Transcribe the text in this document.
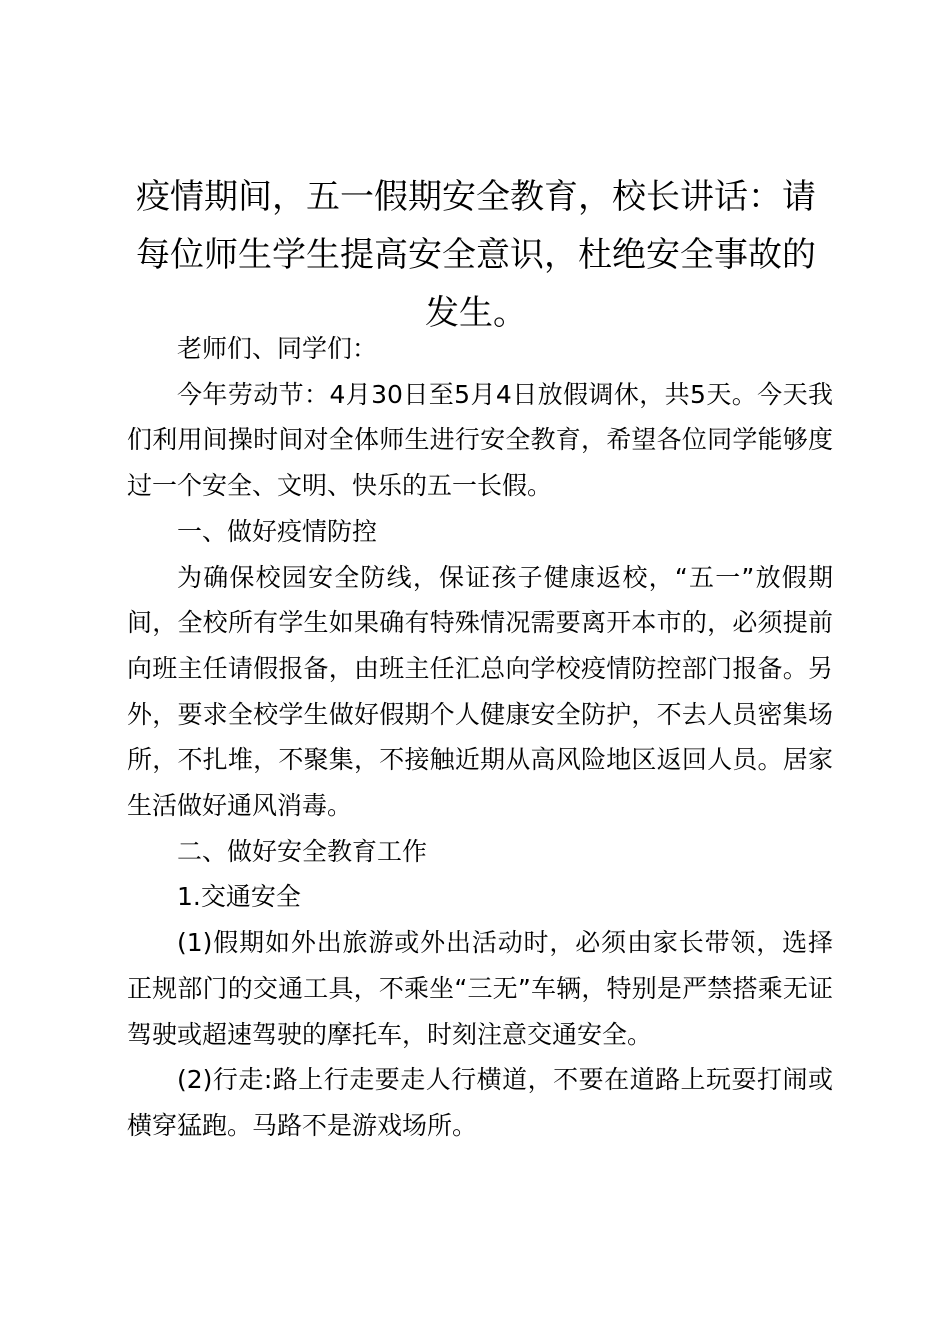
疫情期间，五一假期安全教育，校长讲话：请每位师生学生提高安全意识，杜绝安全事故的发生。

老师们、同学们：

今年劳动节：4月30日至5月4日放假调休，共5天。今天我们利用间操时间对全体师生进行安全教育，希望各位同学能够度过一个安全、文明、快乐的五一长假。

一、做好疫情防控

为确保校园安全防线，保证孩子健康返校，“五一”放假期间，全校所有学生如果确有特殊情况需要离开本市的，必须提前向班主任请假报备，由班主任汇总向学校疫情防控部门报备。另外，要求全校学生做好假期个人健康安全防护，不去人员密集场所，不扎堆，不聚集，不接触近期从高风险地区返回人员。居家生活做好通风消毒。

二、做好安全教育工作

1.交通安全

(1)假期如外出旅游或外出活动时，必须由家长带领，选择正规部门的交通工具，不乘坐“三无”车辆，特别是严禁搭乘无证驾驶或超速驾驶的摩托车，时刻注意交通安全。

(2)行走:路上行走要走人行横道，不要在道路上玩耍打闹或横穿猛跑。马路不是游戏场所。
